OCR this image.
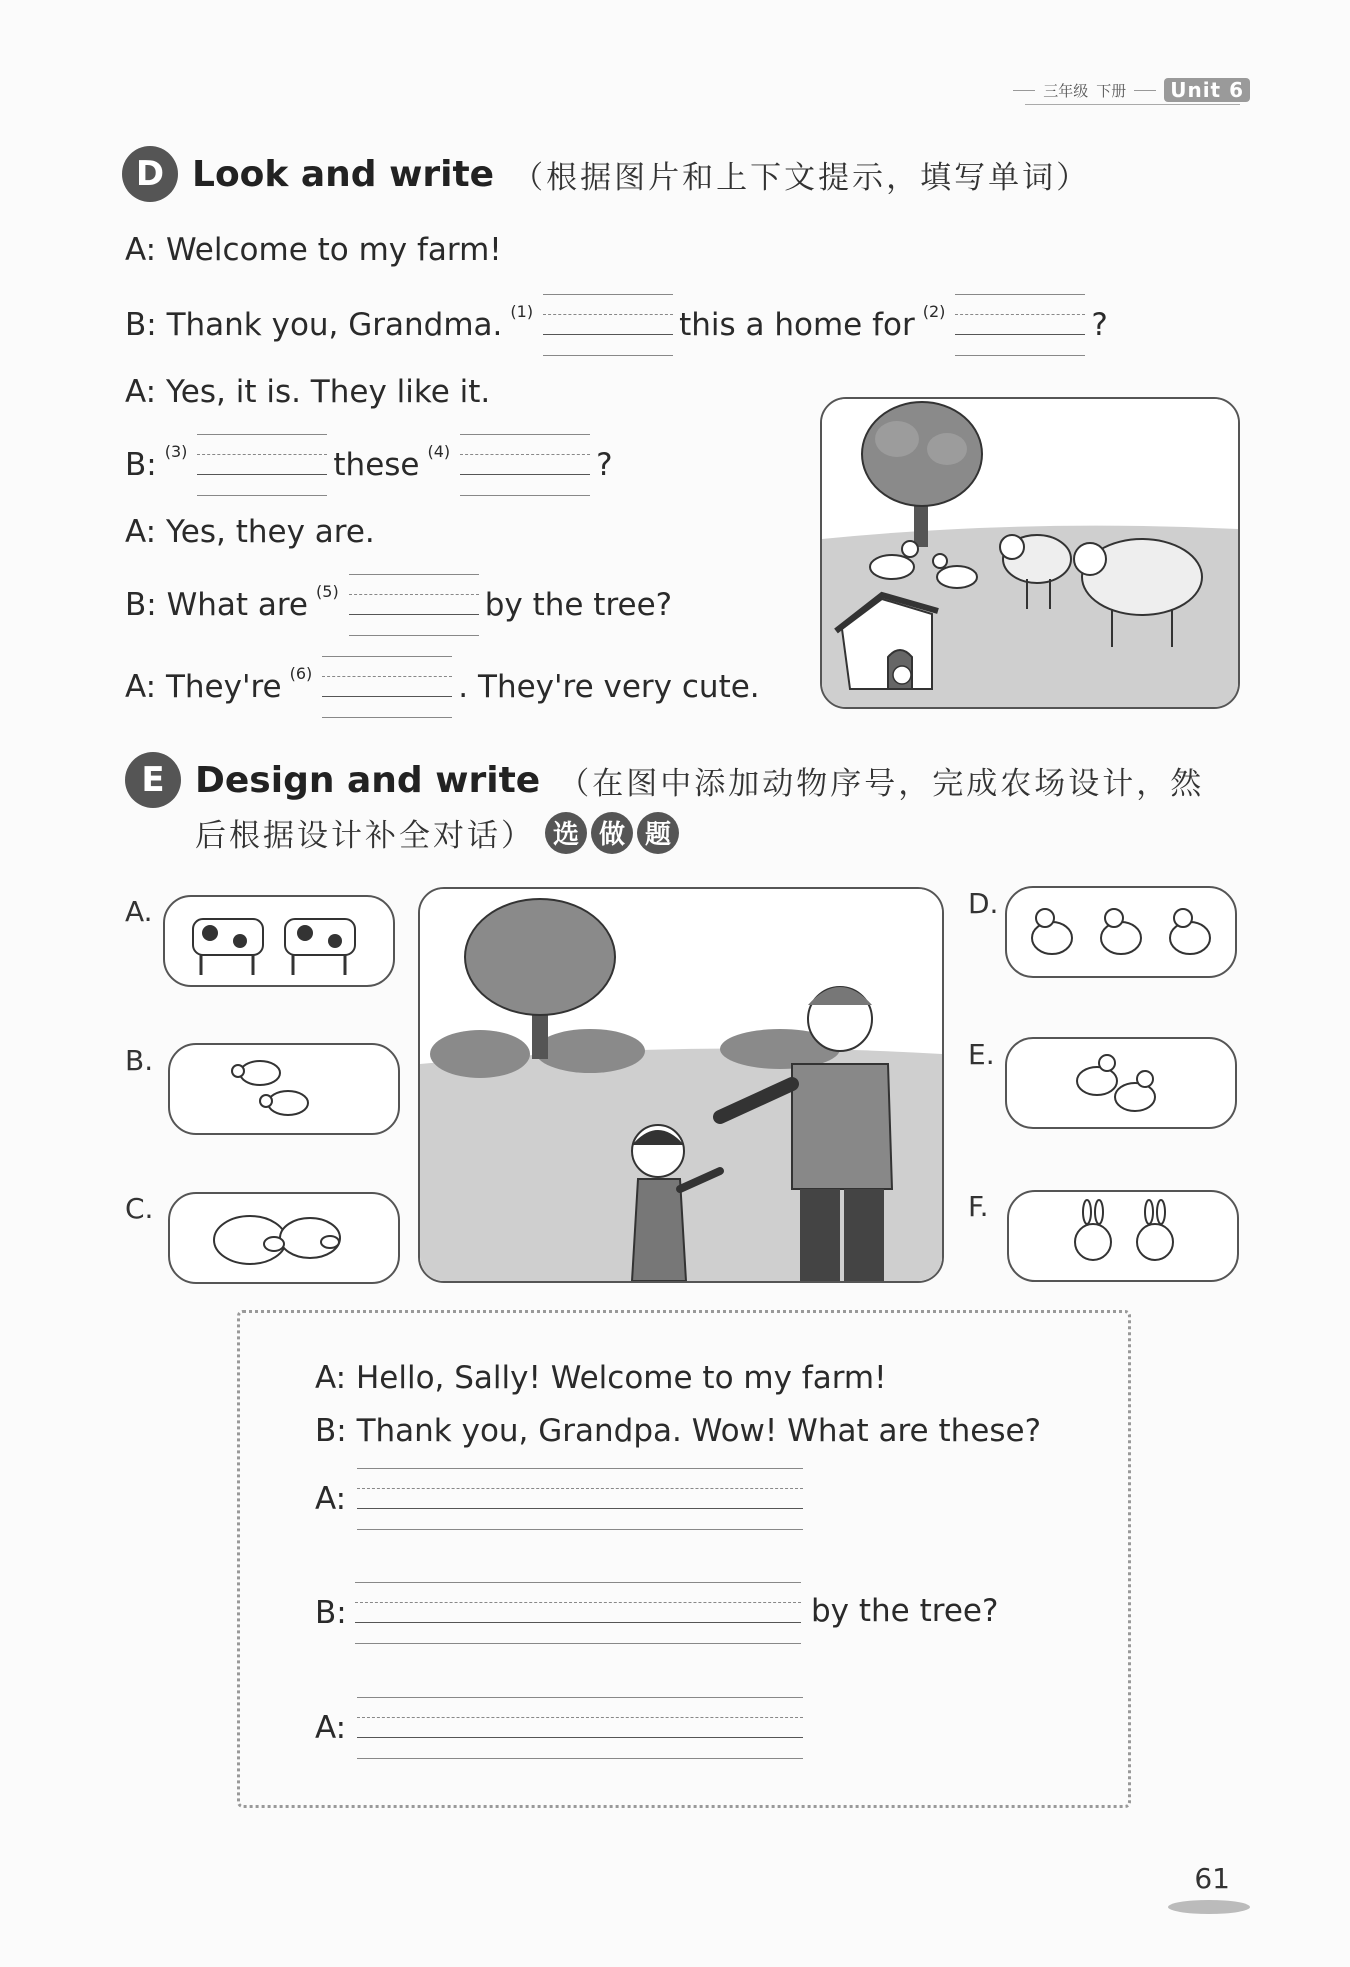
三年级 下册	Unit 6
D Look and write （根据图片和上下文提示，填写单词）
A: Welcome to my farm!
B: Thank you, Grandma. (1)	this a home for (2)	?
A: Yes, it is. They like it.
B: (3)	these (4)	?
A: Yes, they are.
B: What are (5)	by the tree?
A: They're (6)	. They're very cute.
E Design and write （在图中添加动物序号，完成农场设计，然
后根据设计补全对话） 选 做 题
A.
B.
C.
D.
E.
F.
A: Hello, Sally! Welcome to my farm!
B: Thank you, Grandpa. Wow! What are these?
A:
B:	by the tree?
A:
61
